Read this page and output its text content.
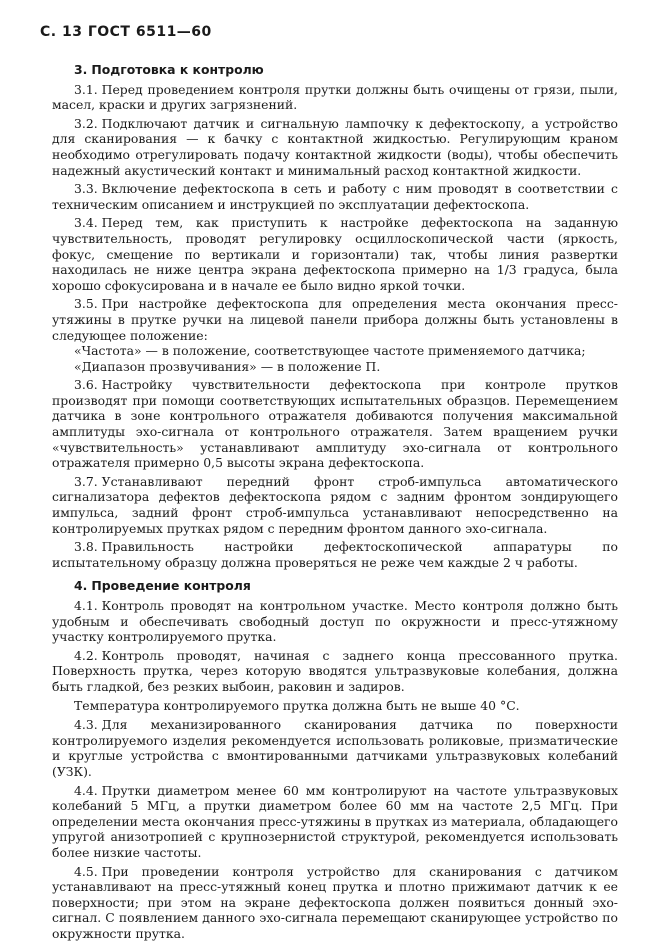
С. 13 ГОСТ 6511—60
3. Подготовка к контролю

3.1. Перед проведением контроля прутки должны быть очищены от грязи, пыли, масел, краски и других загрязнений.

3.2. Подключают датчик и сигнальную лампочку к дефектоскопу, а устройство для сканирования — к бачку с контактной жидкостью. Регулирующим краном необходимо отрегулировать подачу контактной жидкости (воды), чтобы обеспечить надежный акустический контакт и минимальный расход контактной жидкости.

3.3. Включение дефектоскопа в сеть и работу с ним проводят в соответствии с техническим описанием и инструкцией по эксплуатации дефектоскопа.

3.4. Перед тем, как приступить к настройке дефектоскопа на заданную чувствительность, проводят регулировку осциллоскопической части (яркость, фокус, смещение по вертикали и горизонтали) так, чтобы линия развертки находилась не ниже центра экрана дефектоскопа примерно на 1/3 градуса, была хорошо сфокусирована и в начале ее было видно яркой точки.

3.5. При настройке дефектоскопа для определения места окончания пресс-утяжины в прутке ручки на лицевой панели прибора должны быть установлены в следующее положение:

«Частота» — в положение, соответствующее частоте применяемого датчика;

«Диапазон прозвучивания» — в положение П.

3.6. Настройку чувствительности дефектоскопа при контроле прутков производят при помощи соответствующих испытательных образцов. Перемещением датчика в зоне контрольного отражателя добиваются получения максимальной амплитуды эхо-сигнала от контрольного отражателя. Затем вращением ручки «чувствительность» устанавливают амплитуду эхо-сигнала от контрольного отражателя примерно 0,5 высоты экрана дефектоскопа.

3.7. Устанавливают передний фронт строб-импульса автоматического сигнализатора дефектов дефектоскопа рядом с задним фронтом зондирующего импульса, задний фронт строб-импульса устанавливают непосредственно на контролируемых прутках рядом с передним фронтом данного эхо-сигнала.

3.8. Правильность настройки дефектоскопической аппаратуры по испытательному образцу должна проверяться не реже чем каждые 2 ч работы.

4. Проведение контроля

4.1. Контроль проводят на контрольном участке. Место контроля должно быть удобным и обеспечивать свободный доступ по окружности и пресс-утяжному участку контролируемого прутка.

4.2. Контроль проводят, начиная с заднего конца прессованного прутка. Поверхность прутка, через которую вводятся ультразвуковые колебания, должна быть гладкой, без резких выбоин, раковин и задиров.

Температура контролируемого прутка должна быть не выше 40 °С.

4.3. Для механизированного сканирования датчика по поверхности контролируемого изделия рекомендуется использовать роликовые, призматические и круглые устройства с вмонтированными датчиками ультразвуковых колебаний (УЗК).

4.4. Прутки диаметром менее 60 мм контролируют на частоте ультразвуковых колебаний 5 МГц, а прутки диаметром более 60 мм на частоте 2,5 МГц. При определении места окончания пресс-утяжины в прутках из материала, обладающего упругой анизотропией с крупнозернистой структурой, рекомендуется использовать более низкие частоты.

4.5. При проведении контроля устройство для сканирования с датчиком устанавливают на пресс-утяжный конец прутка и плотно прижимают датчик к ее поверхности; при этом на экране дефектоскопа должен появиться донный эхо-сигнал. С появлением данного эхо-сигнала перемещают сканирующее устройство по окружности прутка.
